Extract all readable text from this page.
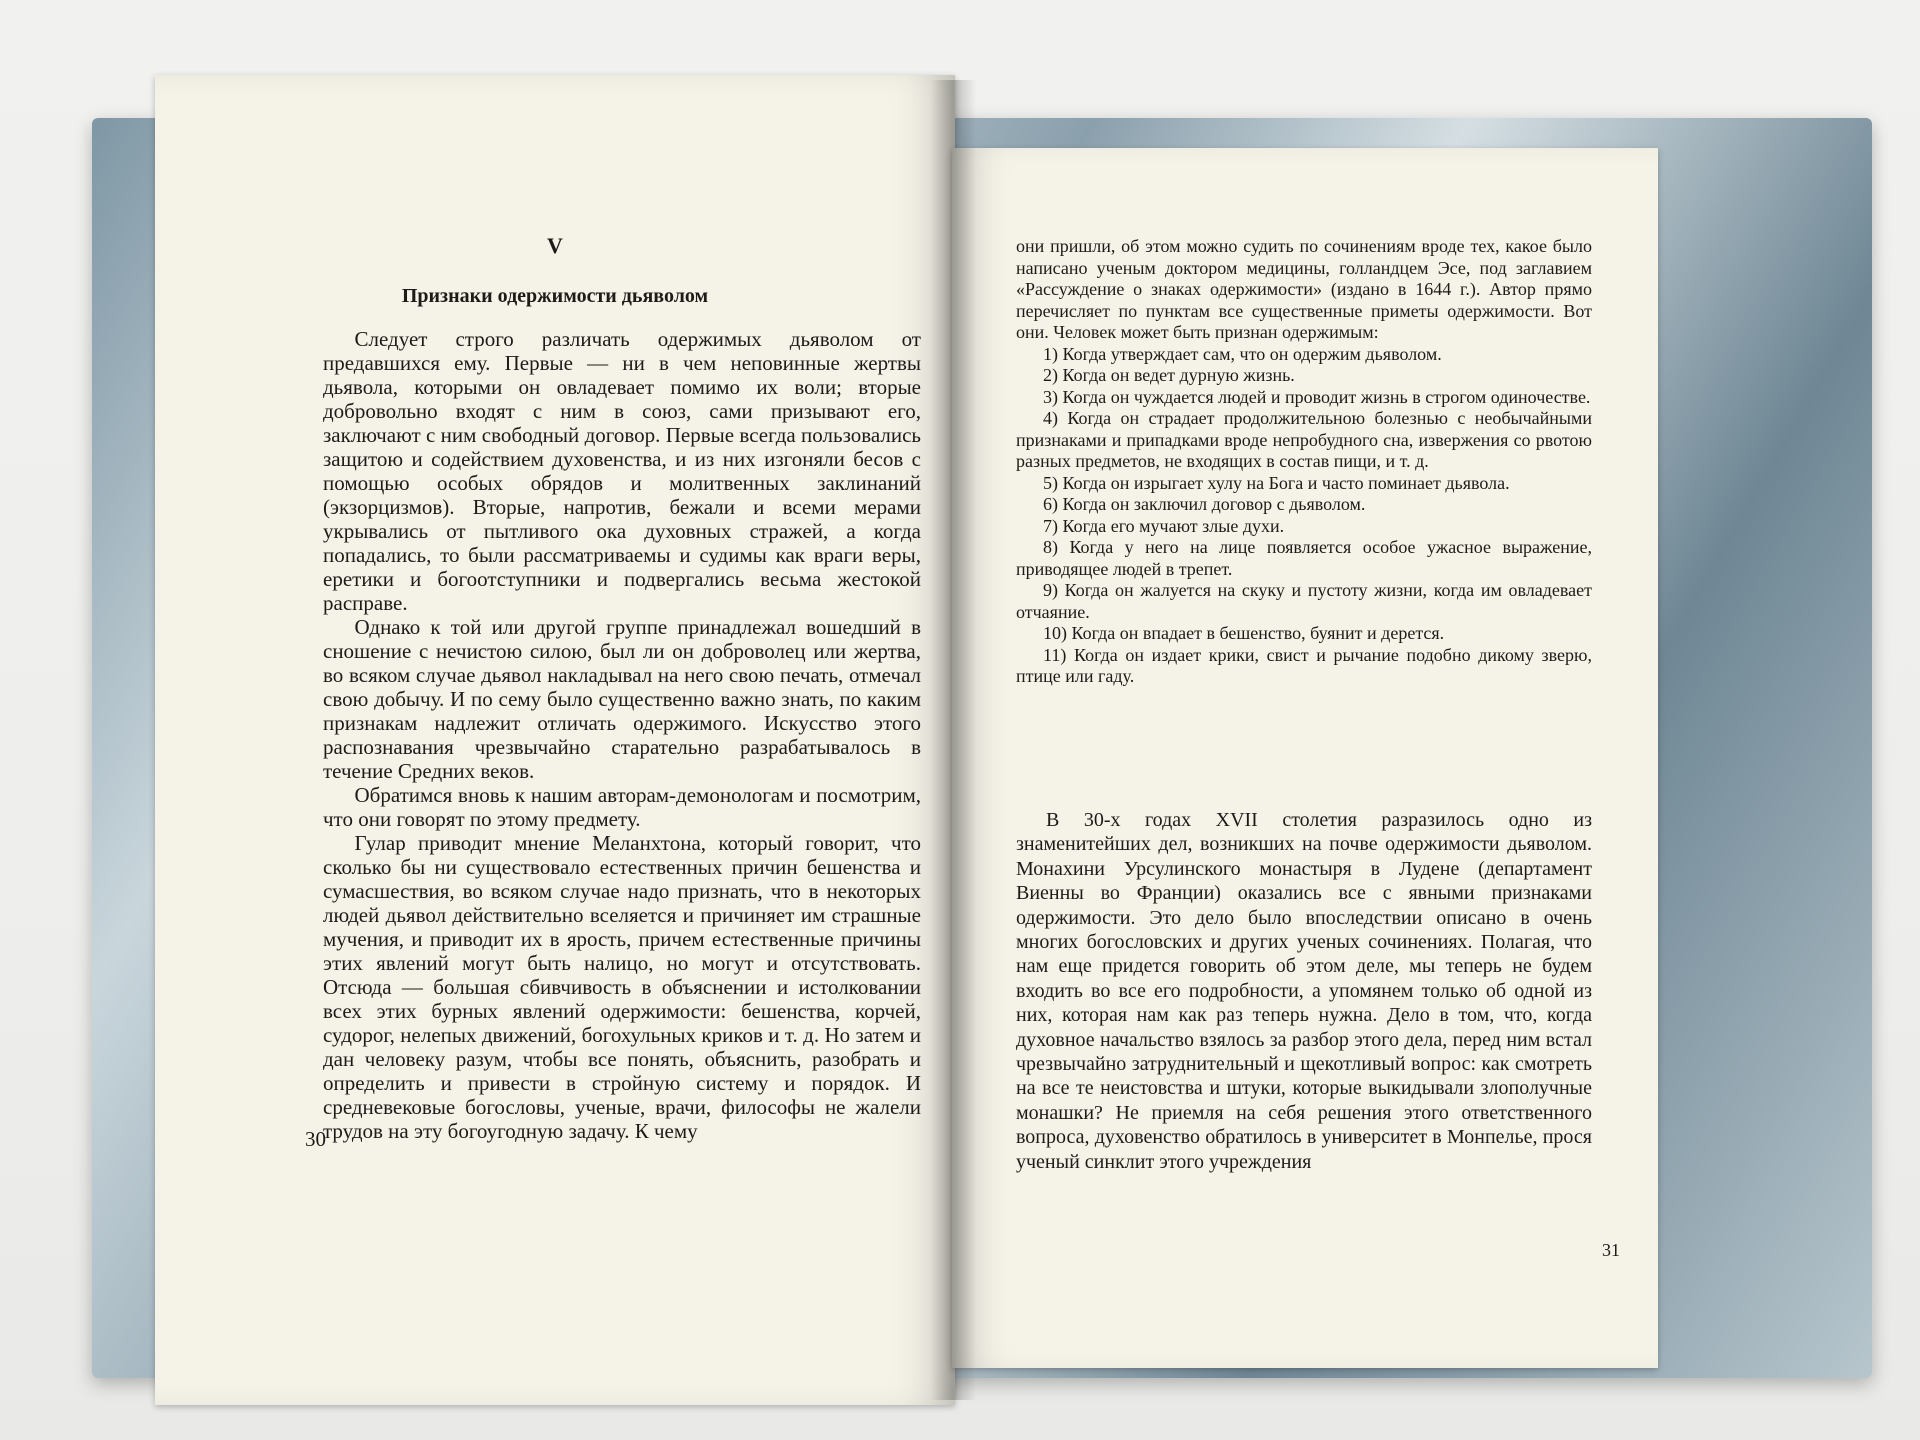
V
Признаки одержимости дьяволом

Следует строго различать одержимых дьяволом от предавшихся ему. Первые — ни в чем неповинные жертвы дьявола, которыми он овладевает помимо их воли; вторые добровольно входят с ним в союз, сами призывают его, заключают с ним свободный договор. Первые всегда пользовались защитою и содействием духовенства, и из них изгоняли бесов с помощью особых обрядов и молитвенных заклинаний (экзорцизмов). Вторые, напротив, бежали и всеми мерами укрывались от пытливого ока духовных стражей, а когда попадались, то были рассматриваемы и судимы как враги веры, еретики и богоотступники и подвергались весьма жестокой расправе.

Однако к той или другой группе принадлежал вошедший в сношение с нечистою силою, был ли он доброволец или жертва, во всяком случае дьявол накладывал на него свою печать, отмечал свою добычу. И по сему было существенно важно знать, по каким признакам надлежит отличать одержимого. Искусство этого распознавания чрезвычайно старательно разрабатывалось в течение Средних веков.

Обратимся вновь к нашим авторам-демонологам и посмотрим, что они говорят по этому предмету.

Гулар приводит мнение Меланхтона, который говорит, что сколько бы ни существовало естественных причин бешенства и сумасшествия, во всяком случае надо признать, что в некоторых людей дьявол действительно вселяется и причиняет им страшные мучения, и приводит их в ярость, причем естественные причины этих явлений могут быть налицо, но могут и отсутствовать. Отсюда — большая сбивчивость в объяснении и истолковании всех этих бурных явлений одержимости: бешенства, корчей, судорог, нелепых движений, богохульных криков и т. д. Но затем и дан человеку разум, чтобы все понять, объяснить, разобрать и определить и привести в стройную систему и порядок. И средневековые богословы, ученые, врачи, философы не жалели трудов на эту богоугодную задачу. К чему

30

они пришли, об этом можно судить по сочинениям вроде тех, какое было написано ученым доктором медицины, голландцем Эсе, под заглавием «Рассуждение о знаках одержимости» (издано в 1644 г.). Автор прямо перечисляет по пунктам все существенные приметы одержимости. Вот они. Человек может быть признан одержимым:

1) Когда утверждает сам, что он одержим дьяволом.

2) Когда он ведет дурную жизнь.

3) Когда он чуждается людей и проводит жизнь в строгом одиночестве.

4) Когда он страдает продолжительною болезнью с необычайными признаками и припадками вроде непробудного сна, извержения со рвотою разных предметов, не входящих в состав пищи, и т. д.

5) Когда он изрыгает хулу на Бога и часто поминает дьявола.

6) Когда он заключил договор с дьяволом.

7) Когда его мучают злые духи.

8) Когда у него на лице появляется особое ужасное выражение, приводящее людей в трепет.

9) Когда он жалуется на скуку и пустоту жизни, когда им овладевает отчаяние.

10) Когда он впадает в бешенство, буянит и дерется.

11) Когда он издает крики, свист и рычание подобно дикому зверю, птице или гаду.

В 30-х годах XVII столетия разразилось одно из знаменитейших дел, возникших на почве одержимости дьяволом. Монахини Урсулинского монастыря в Лудене (департамент Виенны во Франции) оказались все с явными признаками одержимости. Это дело было впоследствии описано в очень многих богословских и других ученых сочинениях. Полагая, что нам еще придется говорить об этом деле, мы теперь не будем входить во все его подробности, а упомянем только об одной из них, которая нам как раз теперь нужна. Дело в том, что, когда духовное начальство взялось за разбор этого дела, перед ним встал чрезвычайно затруднительный и щекотливый вопрос: как смотреть на все те неистовства и штуки, которые выкидывали злополучные монашки? Не приемля на себя решения этого ответственного вопроса, духовенство обратилось в университет в Монпелье, прося ученый синклит этого учреждения

31
